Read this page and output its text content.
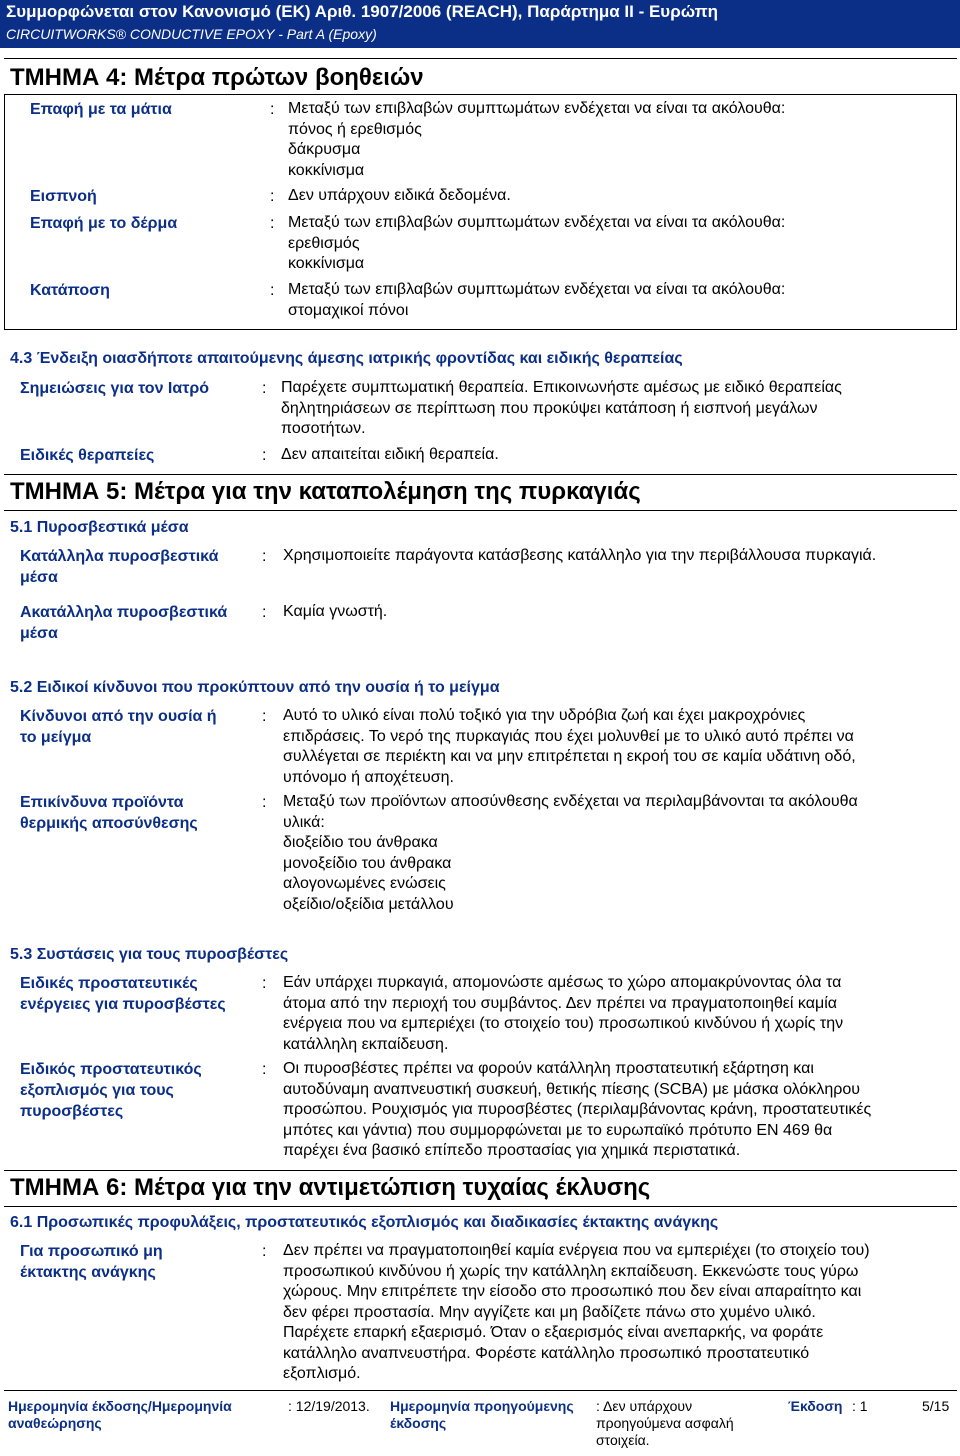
Συμμορφώνεται στον Κανονισμό (ΕΚ) Αριθ. 1907/2006 (REACH), Παράρτημα ΙΙ - Ευρώπη
CIRCUITWORKS® CONDUCTIVE EPOXY - Part A (Epoxy)
ΤΜΗΜΑ 4: Μέτρα πρώτων βοηθειών
Επαφή με τα μάτια	: Μεταξύ των επιβλαβών συμπτωμάτων ενδέχεται να είναι τα ακόλουθα:
πόνος ή ερεθισμός
δάκρυσμα
κοκκίνισμα
Εισπνοή	: Δεν υπάρχουν ειδικά δεδομένα.
Επαφή με το δέρμα	: Μεταξύ των επιβλαβών συμπτωμάτων ενδέχεται να είναι τα ακόλουθα:
ερεθισμός
κοκκίνισμα
Κατάποση	: Μεταξύ των επιβλαβών συμπτωμάτων ενδέχεται να είναι τα ακόλουθα:
στομαχικοί πόνοι
4.3 Ένδειξη οιασδήποτε απαιτούμενης άμεσης ιατρικής φροντίδας και ειδικής θεραπείας
Σημειώσεις για τον Ιατρό	: Παρέχετε συμπτωματική θεραπεία. Επικοινωνήστε αμέσως με ειδικό θεραπείας
δηλητηριάσεων σε περίπτωση που προκύψει κατάποση ή εισπνοή μεγάλων
ποσοτήτων.
Ειδικές θεραπείες	: Δεν απαιτείται ειδική θεραπεία.
ΤΜΗΜΑ 5: Μέτρα για την καταπολέμηση της πυρκαγιάς
5.1 Πυροσβεστικά μέσα
Κατάλληλα πυροσβεστικά
μέσα
: Χρησιμοποιείτε παράγοντα κατάσβεσης κατάλληλο για την περιβάλλουσα πυρκαγιά.
Ακατάλληλα πυροσβεστικά
μέσα
: Καμία γνωστή.
5.2 Ειδικοί κίνδυνοι που προκύπτουν από την ουσία ή το μείγμα
Κίνδυνοι από την ουσία ή
το μείγμα
: Αυτό το υλικό είναι πολύ τοξικό για την υδρόβια ζωή και έχει μακροχρόνιες
επιδράσεις. Το νερό της πυρκαγιάς που έχει μολυνθεί με το υλικό αυτό πρέπει να
συλλέγεται σε περιέκτη και να μην επιτρέπεται η εκροή του σε καμία υδάτινη οδό,
υπόνομο ή αποχέτευση.
Επικίνδυνα προϊόντα
θερμικής αποσύνθεσης
: Μεταξύ των προϊόντων αποσύνθεσης ενδέχεται να περιλαμβάνονται τα ακόλουθα
υλικά:
διοξείδιο του άνθρακα
μονοξείδιο του άνθρακα
αλογονωμένες ενώσεις
οξείδιο/οξείδια μετάλλου
5.3 Συστάσεις για τους πυροσβέστες
Ειδικές προστατευτικές
ενέργειες για πυροσβέστες
: Εάν υπάρχει πυρκαγιά, απομονώστε αμέσως το χώρο απομακρύνοντας όλα τα
άτομα από την περιοχή του συμβάντος. Δεν πρέπει να πραγματοποιηθεί καμία
ενέργεια που να εμπεριέχει (το στοιχείο του) προσωπικού κινδύνου ή χωρίς την
κατάλληλη εκπαίδευση.
Ειδικός προστατευτικός
εξοπλισμός για τους
πυροσβέστες
: Οι πυροσβέστες πρέπει να φορούν κατάλληλη προστατευτική εξάρτηση και
αυτοδύναμη αναπνευστική συσκευή, θετικής πίεσης (SCBA) με μάσκα ολόκληρου
προσώπου. Ρουχισμός για πυροσβέστες (περιλαμβάνοντας κράνη, προστατευτικές
μπότες και γάντια) που συμμορφώνεται με το ευρωπαϊκό πρότυπο ΕΝ 469 θα
παρέχει ένα βασικό επίπεδο προστασίας για χημικά περιστατικά.
ΤΜΗΜΑ 6: Μέτρα για την αντιμετώπιση τυχαίας έκλυσης
6.1 Προσωπικές προφυλάξεις, προστατευτικός εξοπλισμός και διαδικασίες έκτακτης ανάγκης
Για προσωπικό μη
έκτακτης ανάγκης
: Δεν πρέπει να πραγματοποιηθεί καμία ενέργεια που να εμπεριέχει (το στοιχείο του)
προσωπικού κινδύνου ή χωρίς την κατάλληλη εκπαίδευση. Εκκενώστε τους γύρω
χώρους. Μην επιτρέπετε την είσοδο στο προσωπικό που δεν είναι απαραίτητο και
δεν φέρει προστασία. Μην αγγίζετε και μη βαδίζετε πάνω στο χυμένο υλικό.
Παρέχετε επαρκή εξαερισμό. Όταν ο εξαερισμός είναι ανεπαρκής, να φοράτε
κατάλληλο αναπνευστήρα. Φορέστε κατάλληλο προσωπικό προστατευτικό
εξοπλισμό.
Ημερομηνία έκδοσης/Ημερομηνία
αναθεώρησης
: 12/19/2013. Ημερομηνία προηγούμενης
έκδοσης
: Δεν υπάρχουν
προηγούμενα ασφαλή
στοιχεία.
Έκδοση : 1	5/15
